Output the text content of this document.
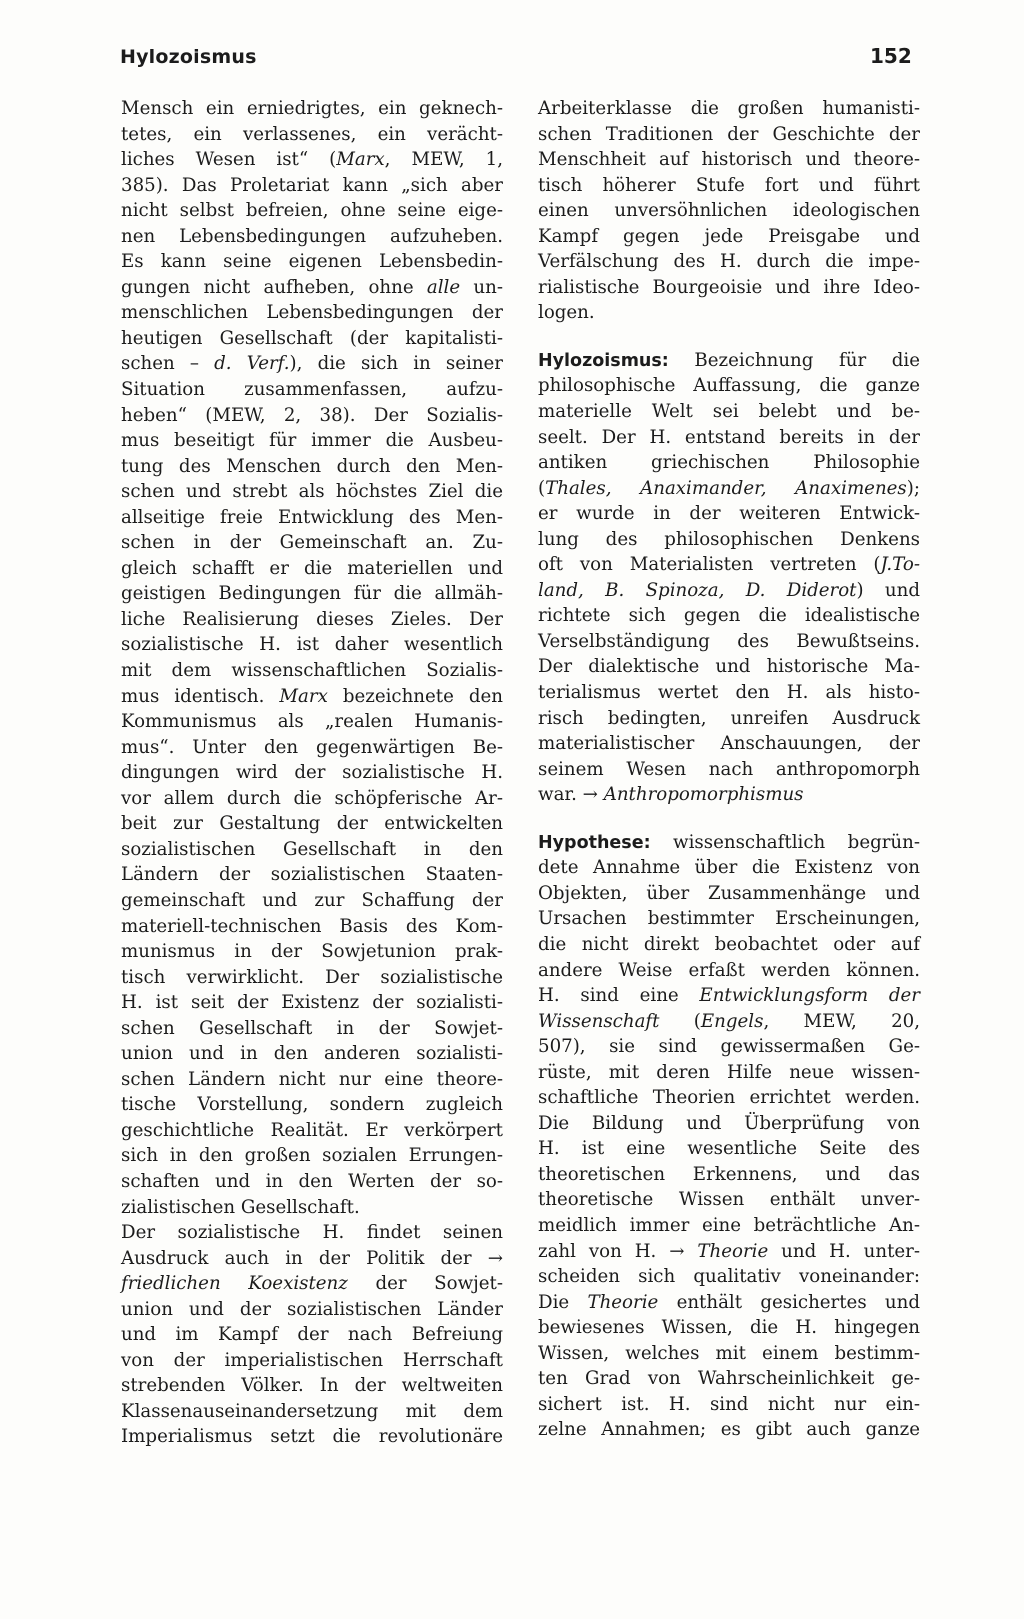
Hylozoismus	152
Mensch ein erniedrigtes, ein geknech-
tetes, ein verlassenes, ein verächt-
liches Wesen ist“ (Marx, MEW, 1,
385). Das Proletariat kann „sich aber
nicht selbst befreien, ohne seine eige-
nen Lebensbedingungen aufzuheben.
Es kann seine eigenen Lebensbedin-
gungen nicht aufheben, ohne alle un-
menschlichen Lebensbedingungen der
heutigen Gesellschaft (der kapitalisti-
schen – d. Verf.), die sich in seiner
Situation zusammenfassen, aufzu-
heben“ (MEW, 2, 38). Der Sozialis-
mus beseitigt für immer die Ausbeu-
tung des Menschen durch den Men-
schen und strebt als höchstes Ziel die
allseitige freie Entwicklung des Men-
schen in der Gemeinschaft an. Zu-
gleich schafft er die materiellen und
geistigen Bedingungen für die allmäh-
liche Realisierung dieses Zieles. Der
sozialistische H. ist daher wesentlich
mit dem wissenschaftlichen Sozialis-
mus identisch. Marx bezeichnete den
Kommunismus als „realen Humanis-
mus“. Unter den gegenwärtigen Be-
dingungen wird der sozialistische H.
vor allem durch die schöpferische Ar-
beit zur Gestaltung der entwickelten
sozialistischen Gesellschaft in den
Ländern der sozialistischen Staaten-
gemeinschaft und zur Schaffung der
materiell-technischen Basis des Kom-
munismus in der Sowjetunion prak-
tisch verwirklicht. Der sozialistische
H. ist seit der Existenz der sozialisti-
schen Gesellschaft in der Sowjet-
union und in den anderen sozialisti-
schen Ländern nicht nur eine theore-
tische Vorstellung, sondern zugleich
geschichtliche Realität. Er verkörpert
sich in den großen sozialen Errungen-
schaften und in den Werten der so-
zialistischen Gesellschaft.
Der sozialistische H. findet seinen
Ausdruck auch in der Politik der →
friedlichen Koexistenz der Sowjet-
union und der sozialistischen Länder
und im Kampf der nach Befreiung
von der imperialistischen Herrschaft
strebenden Völker. In der weltweiten
Klassenauseinandersetzung mit dem
Imperialismus setzt die revolutionäre
Arbeiterklasse die großen humanisti-
schen Traditionen der Geschichte der
Menschheit auf historisch und theore-
tisch höherer Stufe fort und führt
einen unversöhnlichen ideologischen
Kampf gegen jede Preisgabe und
Verfälschung des H. durch die impe-
rialistische Bourgeoisie und ihre Ideo-
logen.
Hylozoismus: Bezeichnung für die
philosophische Auffassung, die ganze
materielle Welt sei belebt und be-
seelt. Der H. entstand bereits in der
antiken griechischen Philosophie
(Thales, Anaximander, Anaximenes);
er wurde in der weiteren Entwick-
lung des philosophischen Denkens
oft von Materialisten vertreten (J.To-
land, B. Spinoza, D. Diderot) und
richtete sich gegen die idealistische
Verselbständigung des Bewußtseins.
Der dialektische und historische Ma-
terialismus wertet den H. als histo-
risch bedingten, unreifen Ausdruck
materialistischer Anschauungen, der
seinem Wesen nach anthropomorph
war. → Anthropomorphismus
Hypothese: wissenschaftlich begrün-
dete Annahme über die Existenz von
Objekten, über Zusammenhänge und
Ursachen bestimmter Erscheinungen,
die nicht direkt beobachtet oder auf
andere Weise erfaßt werden können.
H. sind eine Entwicklungsform der
Wissenschaft (Engels, MEW, 20,
507), sie sind gewissermaßen Ge-
rüste, mit deren Hilfe neue wissen-
schaftliche Theorien errichtet werden.
Die Bildung und Überprüfung von
H. ist eine wesentliche Seite des
theoretischen Erkennens, und das
theoretische Wissen enthält unver-
meidlich immer eine beträchtliche An-
zahl von H. → Theorie und H. unter-
scheiden sich qualitativ voneinander:
Die Theorie enthält gesichertes und
bewiesenes Wissen, die H. hingegen
Wissen, welches mit einem bestimm-
ten Grad von Wahrscheinlichkeit ge-
sichert ist. H. sind nicht nur ein-
zelne Annahmen; es gibt auch ganze
